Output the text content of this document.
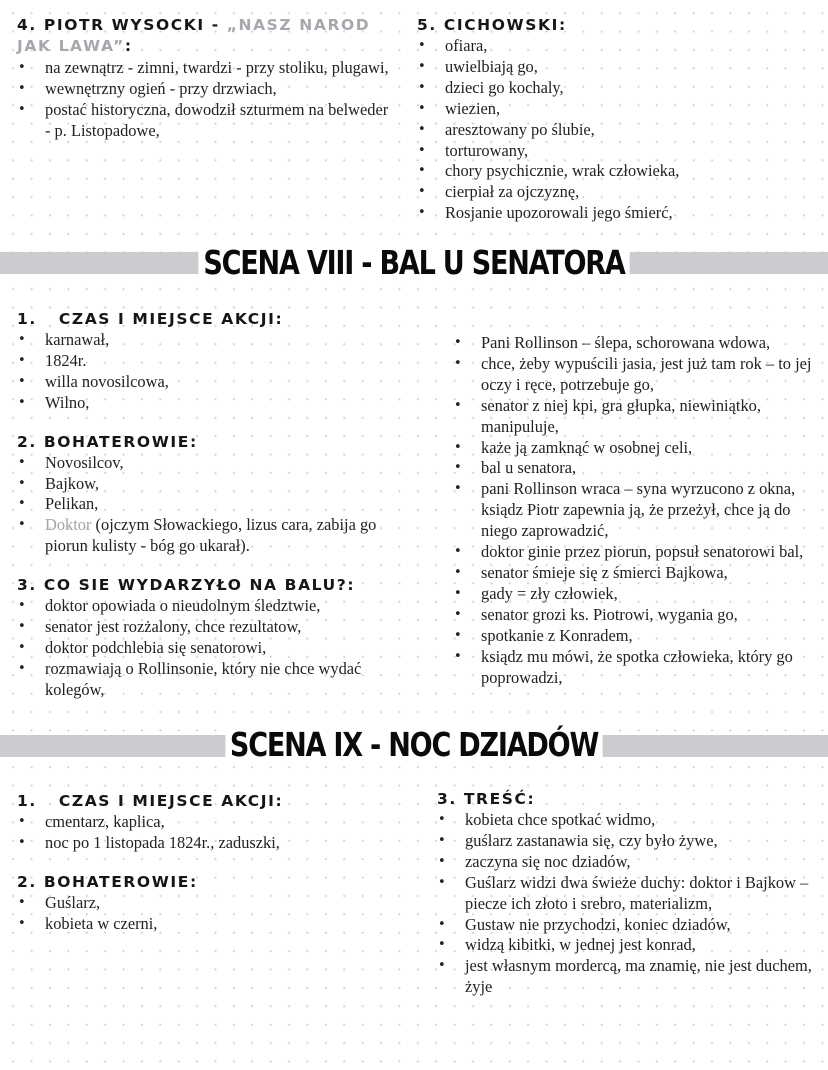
4. PIOTR WYSOCKI - „NASZ NAROD JAK LAWA”:
• na zewnątrz - zimni, twardzi - przy stoliku, plugawi,
• wewnętrzny ogień - przy drzwiach,
• postać historyczna, dowodził szturmem na belweder - p. Listopadowe,
5. CICHOWSKI:
• ofiara,
• uwielbiają go,
• dzieci go kochaly,
• wiezien,
• aresztowany po ślubie,
• torturowany,
• chory psychicznie, wrak człowieka,
• cierpiał za ojczyznę,
• Rosjanie upozorowali jego śmierć,
SCENA VIII - BAL U SENATORA
1. CZAS I MIEJSCE AKCJI:
• karnawał,
• 1824r.
• willa novosilcowa,
• Wilno,
2. BOHATEROWIE:
• Novosilcov,
• Bajkow,
• Pelikan,
• Doktor (ojczym Słowackiego, lizus cara, zabija go piorun kulisty - bóg go ukarał).
3. CO SIE WYDARZYŁO NA BALU?:
• doktor opowiada o nieudolnym śledztwie,
• senator jest rozżalony, chce rezultatow,
• doktor podchlebia się senatorowi,
• rozmawiają o Rollinsonie, który nie chce wydać kolegów,
• Pani Rollinson – ślepa, schorowana wdowa,
• chce, żeby wypuścili jasia, jest już tam rok – to jej oczy i ręce, potrzebuje go,
• senator z niej kpi, gra głupka, niewiniątko, manipuluje,
• każe ją zamknąć w osobnej celi,
• bal u senatora,
• pani Rollinson wraca – syna wyrzucono z okna, ksiądz Piotr zapewnia ją, że przeżył, chce ją do niego zaprowadzić,
• doktor ginie przez piorun, popsuł senatorowi bal,
• senator śmieje się z śmierci Bajkowa,
• gady = zły człowiek,
• senator grozi ks. Piotrowi, wygania go,
• spotkanie z Konradem,
• ksiądz mu mówi, że spotka człowieka, który go poprowadzi,
SCENA IX - NOC DZIADÓW
1. CZAS I MIEJSCE AKCJI:
• cmentarz, kaplica,
• noc po 1 listopada 1824r., zaduszki,
2. BOHATEROWIE:
• Guślarz,
• kobieta w czerni,
3. TREŚĆ:
• kobieta chce spotkać widmo,
• guślarz zastanawia się, czy było żywe,
• zaczyna się noc dziadów,
• Guślarz widzi dwa świeże duchy: doktor i Bajkow – piecze ich złoto i srebro, materializm,
• Gustaw nie przychodzi, koniec dziadów,
• widzą kibitki, w jednej jest konrad,
• jest własnym mordercą, ma znamię, nie jest duchem, żyje
